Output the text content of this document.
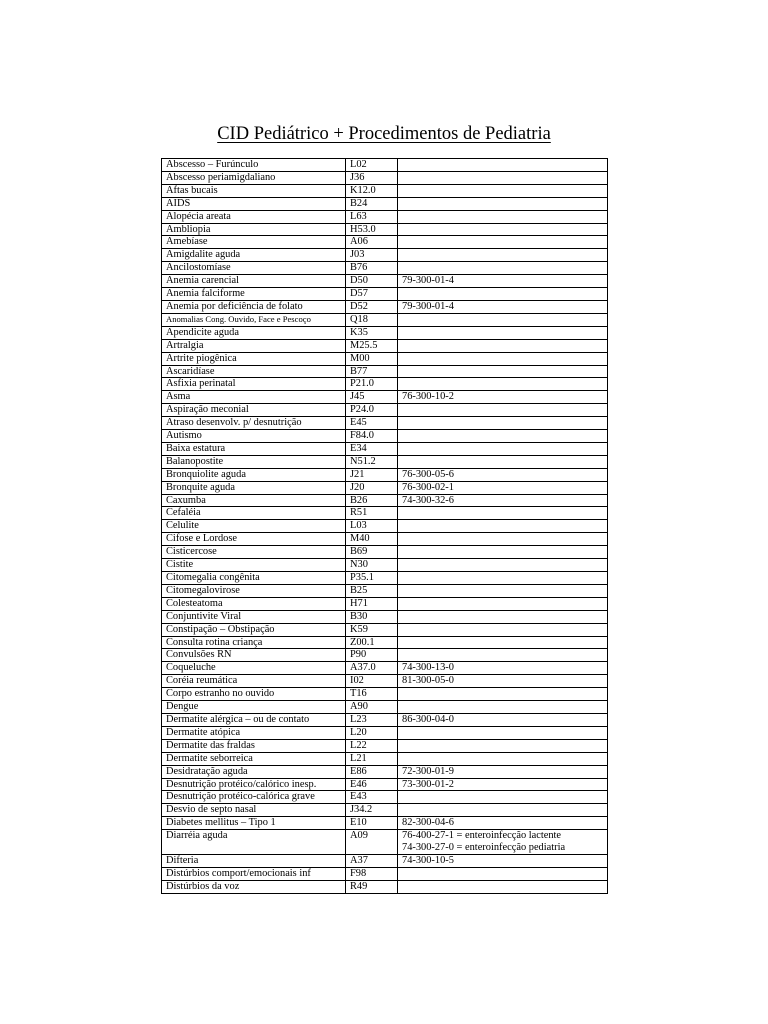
CID Pediátrico + Procedimentos de Pediatria
Abscesso – Furúnculo	L02	
Abscesso periamigdaliano	J36	
Aftas bucais	K12.0	
AIDS	B24	
Alopécia areata	L63	
Ambliopia	H53.0	
Amebíase	A06	
Amigdalite aguda	J03	
Ancilostomíase	B76	
Anemia carencial	D50	79-300-01-4

Anemia falciforme	D57	
Anemia por deficiência de folato	D52	79-300-01-4

Anomalias Cong. Ouvido, Face e Pescoço	Q18	
Apendicite aguda	K35	
Artralgia	M25.5	
Artrite piogênica	M00	
Ascaridíase	B77	
Asfixia perinatal	P21.0	
Asma	J45	76-300-10-2

Aspiração meconial	P24.0	
Atraso desenvolv. p/ desnutrição	E45	
Autismo	F84.0	
Baixa estatura	E34	
Balanopostite	N51.2	
Bronquiolite aguda	J21	76-300-05-6

Bronquite aguda	J20	76-300-02-1

Caxumba	B26	74-300-32-6

Cefaléia	R51	
Celulite	L03	
Cifose e Lordose	M40	
Cisticercose	B69	
Cistite	N30	
Citomegalia congênita	P35.1	
Citomegalovirose	B25	
Colesteatoma	H71	
Conjuntivite Viral	B30	
Constipação – Obstipação	K59	
Consulta rotina criança	Z00.1	
Convulsões RN	P90	
Coqueluche	A37.0	74-300-13-0

Coréia reumática	I02	81-300-05-0

Corpo estranho no ouvido	T16	
Dengue	A90	
Dermatite alérgica – ou de contato	L23	86-300-04-0

Dermatite atópica	L20	
Dermatite das fraldas	L22	
Dermatite seborreica	L21	
Desidratação aguda	E86	72-300-01-9

Desnutrição protéico/calórico inesp.	E46	73-300-01-2

Desnutrição protéico-calórica grave	E43	
Desvio de septo nasal	J34.2	
Diabetes mellitus – Tipo 1	E10	82-300-04-6

Diarréia aguda	A09	76-400-27-1 = enteroinfecção lactente
74-300-27-0 = enteroinfecção pediatria

Difteria	A37	74-300-10-5

Distúrbios comport/emocionais inf	F98	
Distúrbios da voz	R49	
